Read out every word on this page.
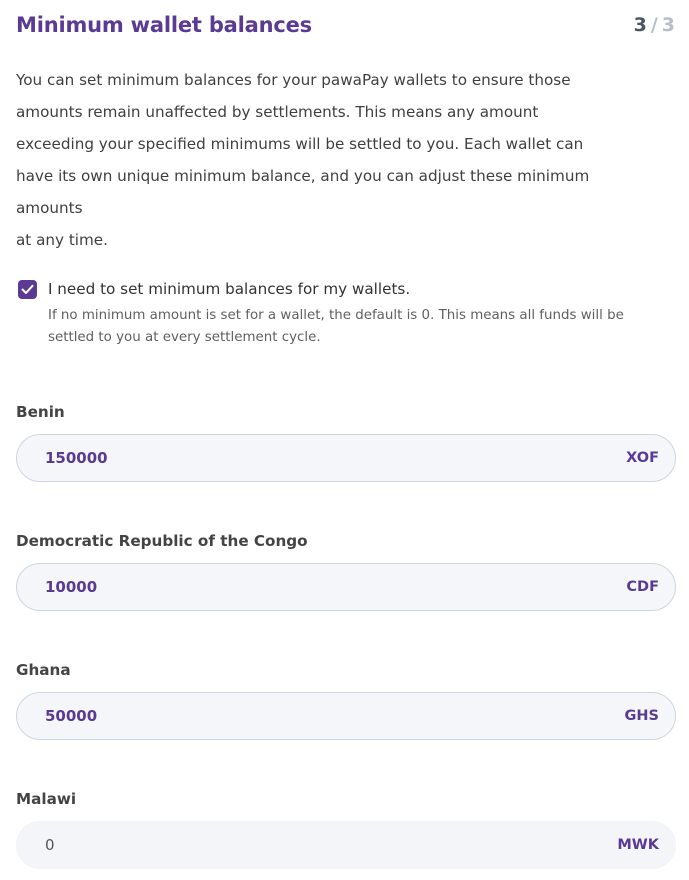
Minimum wallet balances	3 / 3

You can set minimum balances for your pawaPay wallets to ensure those

amounts remain unaffected by settlements. This means any amount

exceeding your specified minimums will be settled to you. Each wallet can

have its own unique minimum balance, and you can adjust these minimum

amounts

at any time.

I need to set minimum balances for my wallets.
If no minimum amount is set for a wallet, the default is 0. This means all funds will be
settled to you at every settlement cycle.
Benin
150000	XOF
Democratic Republic of the Congo
10000	CDF
Ghana
50000	GHS
Malawi
0	MWK
